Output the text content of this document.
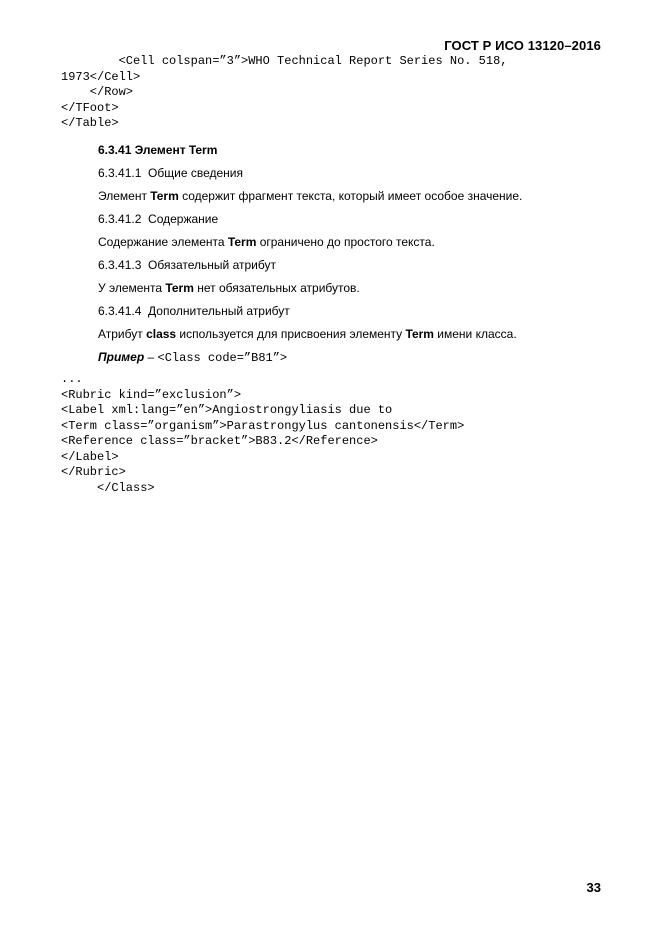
ГОСТ Р ИСО 13120–2016
<Cell colspan=”3”>WHO Technical Report Series No. 518,
1973</Cell>
</Row>
</TFoot>
</Table>
6.3.41 Элемент Term
6.3.41.1 Общие сведения
Элемент Term содержит фрагмент текста, который имеет особое значение.
6.3.41.2 Содержание
Содержание элемента Term ограничено до простого текста.
6.3.41.3 Обязательный атрибут
У элемента Term нет обязательных атрибутов.
6.3.41.4 Дополнительный атрибут
Атрибут class используется для присвоения элементу Term имени класса.
Пример – <Class code=”B81”>
...
<Rubric kind=”exclusion”>
<Label xml:lang=”en”>Angiostrongyliasis due to
<Term class=”organism”>Parastrongylus cantonensis</Term>
<Reference class=”bracket”>B83.2</Reference>
</Label>
</Rubric>
</Class>
33
